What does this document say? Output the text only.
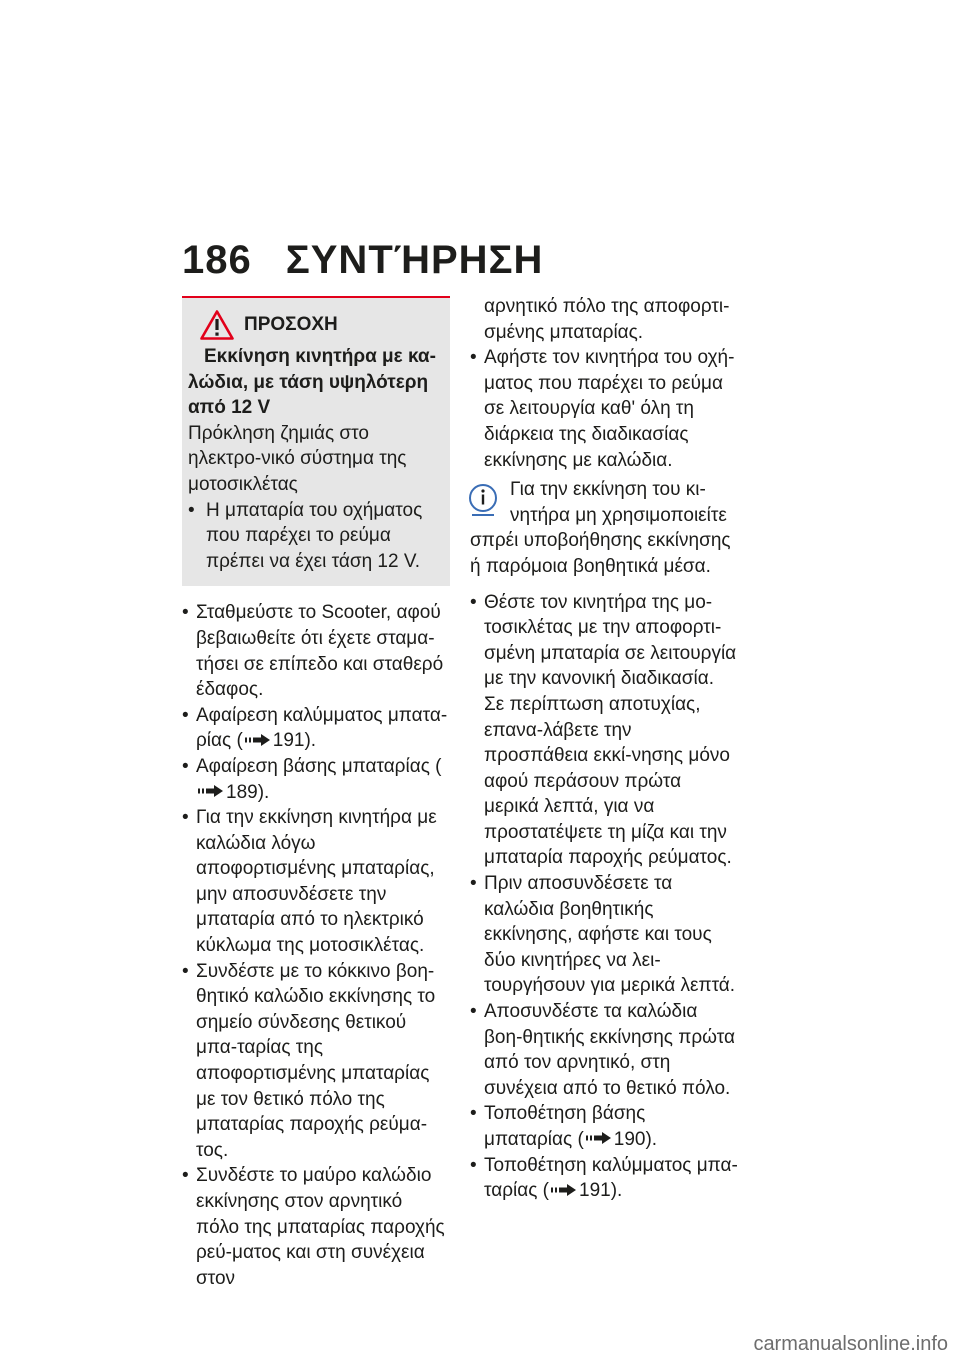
186 ΣΥΝΤΉΡΗΣΗ
ΠΡΟΣΟΧΗ
Εκκίνηση κινητήρα με κα-λώδια, με τάση υψηλότερη από 12 V
Πρόκληση ζημιάς στο ηλεκτρο-νικό σύστημα της μοτοσικλέτας
• Η μπαταρία του οχήματος που παρέχει το ρεύμα πρέπει να έχει τάση 12 V.
• Σταθμεύστε το Scooter, αφού βεβαιωθείτε ότι έχετε σταμα-τήσει σε επίπεδο και σταθερό έδαφος.
• Αφαίρεση καλύμματος μπατα-ρίας ( 191).
• Αφαίρεση βάσης μπαταρίας (189).
• Για την εκκίνηση κινητήρα με καλώδια λόγω αποφορτισμένης μπαταρίας, μην αποσυνδέσετε την μπαταρία από το ηλεκτρικό κύκλωμα της μοτοσικλέτας.
• Συνδέστε με το κόκκινο βοη-θητικό καλώδιο εκκίνησης το σημείο σύνδεσης θετικού μπα-ταρίας της αποφορτισμένης μπαταρίας με τον θετικό πόλο της μπαταρίας παροχής ρεύμα-τος.
• Συνδέστε το μαύρο καλώδιο εκκίνησης στον αρνητικό πόλο της μπαταρίας παροχής ρεύ-ματος και στη συνέχεια στον
αρνητικό πόλο της αποφορτι-σμένης μπαταρίας.
• Αφήστε τον κινητήρα του οχή-ματος που παρέχει το ρεύμα σε λειτουργία καθ' όλη τη διάρκεια της διαδικασίας εκκίνησης με καλώδια.
Για την εκκίνηση του κι-
νητήρα μη χρησιμοποιείτε
σπρέι υποβοήθησης εκκίνησης ή παρόμοια βοηθητικά μέσα.
• Θέστε τον κινητήρα της μο-τοσικλέτας με την αποφορτι-σμένη μπαταρία σε λειτουργία με την κανονική διαδικασία. Σε περίπτωση αποτυχίας, επανα-λάβετε την προσπάθεια εκκί-νησης μόνο αφού περάσουν πρώτα μερικά λεπτά, για να προστατέψετε τη μίζα και την μπαταρία παροχής ρεύματος.
• Πριν αποσυνδέσετε τα καλώδια βοηθητικής εκκίνησης, αφήστε και τους δύο κινητήρες να λει-τουργήσουν για μερικά λεπτά.
• Αποσυνδέστε τα καλώδια βοη-θητικής εκκίνησης πρώτα από τον αρνητικό, στη συνέχεια από το θετικό πόλο.
• Τοποθέτηση βάσης μπαταρίας ( 190).
• Τοποθέτηση καλύμματος μπα-ταρίας ( 191).
carmanualsonline.info
